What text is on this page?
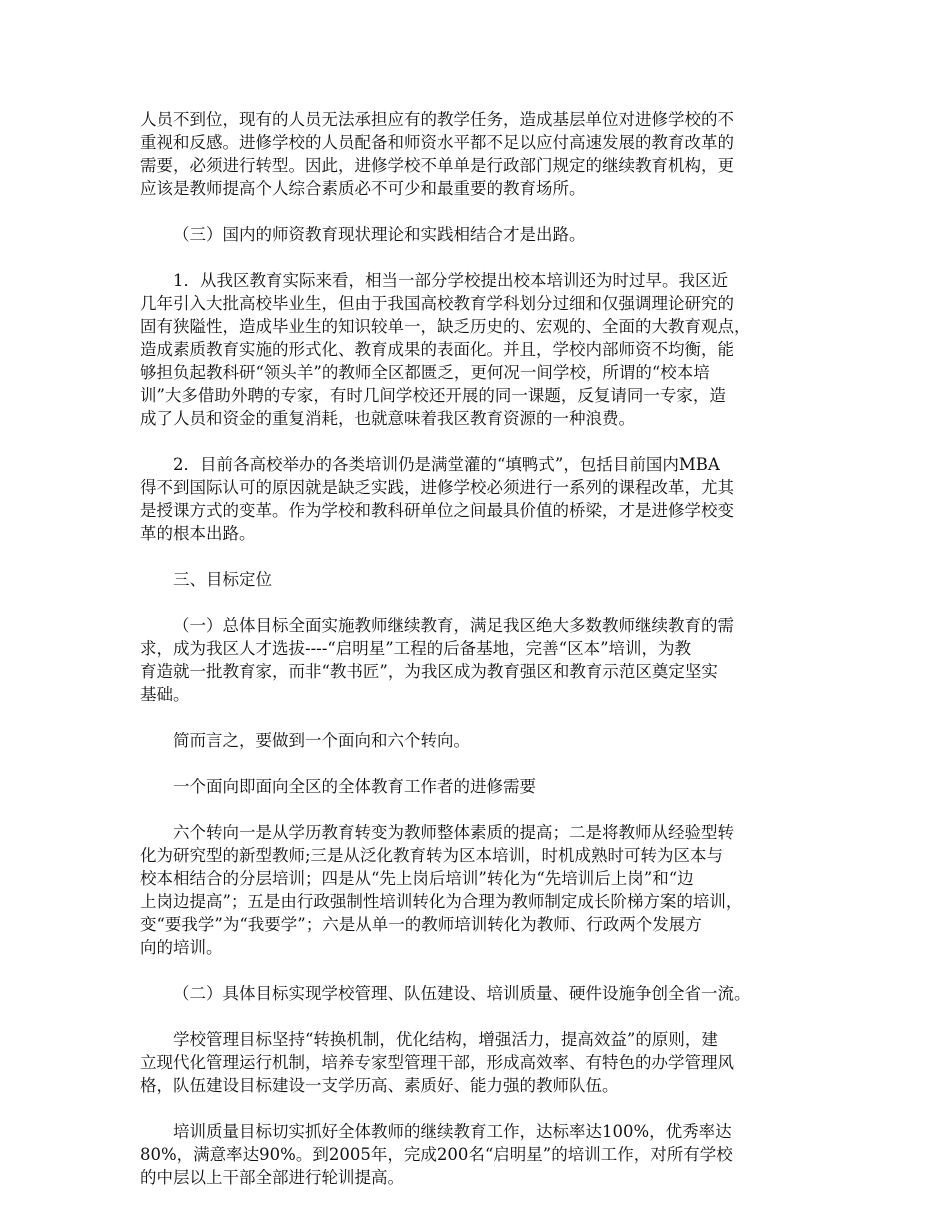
人员不到位，现有的人员无法承担应有的教学任务，造成基层单位对进修学校的不
重视和反感。进修学校的人员配备和师资水平都不足以应付高速发展的教育改革的
需要，必须进行转型。因此，进修学校不单单是行政部门规定的继续教育机构，更
应该是教师提高个人综合素质必不可少和最重要的教育场所。
（三）国内的师资教育现状理论和实践相结合才是出路。
1．从我区教育实际来看，相当一部分学校提出校本培训还为时过早。我区近
几年引入大批高校毕业生，但由于我国高校教育学科划分过细和仅强调理论研究的
固有狭隘性，造成毕业生的知识较单一，缺乏历史的、宏观的、全面的大教育观点，
造成素质教育实施的形式化、教育成果的表面化。并且，学校内部师资不均衡，能
够担负起教科研“领头羊”的教师全区都匮乏，更何况一间学校，所谓的“校本培
训”大多借助外聘的专家，有时几间学校还开展的同一课题，反复请同一专家，造
成了人员和资金的重复消耗，也就意味着我区教育资源的一种浪费。
2．目前各高校举办的各类培训仍是满堂灌的“填鸭式”，包括目前国内MBA
得不到国际认可的原因就是缺乏实践，进修学校必须进行一系列的课程改革，尤其
是授课方式的变革。作为学校和教科研单位之间最具价值的桥梁，才是进修学校变
革的根本出路。
三、目标定位
（一）总体目标全面实施教师继续教育，满足我区绝大多数教师继续教育的需
求，成为我区人才选拔----“启明星”工程的后备基地，完善“区本”培训，为教
育造就一批教育家，而非“教书匠”，为我区成为教育强区和教育示范区奠定坚实
基础。
简而言之，要做到一个面向和六个转向。
一个面向即面向全区的全体教育工作者的进修需要
六个转向一是从学历教育转变为教师整体素质的提高；二是将教师从经验型转
化为研究型的新型教师;三是从泛化教育转为区本培训，时机成熟时可转为区本与
校本相结合的分层培训；四是从“先上岗后培训”转化为“先培训后上岗”和“边
上岗边提高”；五是由行政强制性培训转化为合理为教师制定成长阶梯方案的培训，
变“要我学”为“我要学”；六是从单一的教师培训转化为教师、行政两个发展方
向的培训。
（二）具体目标实现学校管理、队伍建设、培训质量、硬件设施争创全省一流。
学校管理目标坚持“转换机制，优化结构，增强活力，提高效益”的原则，建
立现代化管理运行机制，培养专家型管理干部，形成高效率、有特色的办学管理风
格，队伍建设目标建设一支学历高、素质好、能力强的教师队伍。
培训质量目标切实抓好全体教师的继续教育工作，达标率达100%，优秀率达
80%，满意率达90%。到2005年，完成200名“启明星”的培训工作，对所有学校
的中层以上干部全部进行轮训提高。
